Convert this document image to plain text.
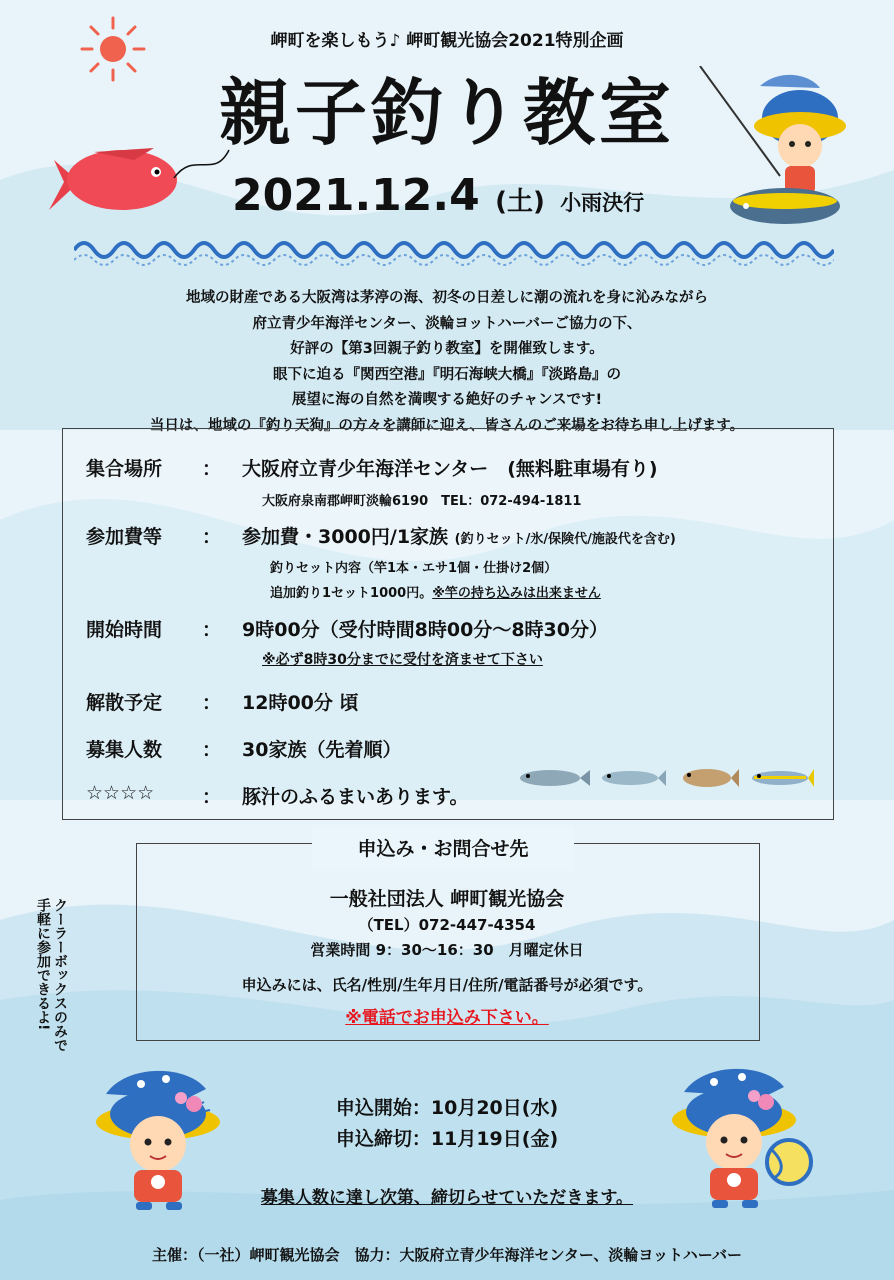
岬町を楽しもう♪ 岬町観光協会2021特別企画
親子釣り教室
2021.12.4 (土) 小雨決行
地域の財産である大阪湾は茅渟の海、初冬の日差しに潮の流れを身に沁みながら
府立青少年海洋センター、淡輪ヨットハーバーご協力の下、
好評の【第3回親子釣り教室】を開催致します。
眼下に迫る『関西空港』『明石海峡大橋』『淡路島』の
展望に海の自然を満喫する絶好のチャンスです!
当日は、地域の『釣り天狗』の方々を講師に迎え、皆さんのご来場をお待ち申し上げます。
集合場所 ： 大阪府立青少年海洋センター　(無料駐車場有り)
大阪府泉南郡岬町淡輪6190　TEL：072-494-1811
参加費等 ： 参加費・3000円/1家族 (釣りセット/氷/保険代/施設代を含む)
釣りセット内容（竿1本・エサ1個・仕掛け2個）
追加釣り1セット1000円。※竿の持ち込みは出来ません
開始時間 ： 9時00分（受付時間8時00分～8時30分）
※必ず8時30分までに受付を済ませて下さい
解散予定 ： 12時00分 頃
募集人数 ： 30家族（先着順）
☆☆☆☆	： 豚汁のふるまいあります。
申込み・お問合せ先
一般社団法人 岬町観光協会
（TEL）072-447-4354
営業時間 9：30～16：30　月曜定休日
申込みには、氏名/性別/生年月日/住所/電話番号が必須です。
※電話でお申込み下さい。
クーラーボックスのみで
手軽に参加できるよ!
申込開始：10月20日(水)
申込締切：11月19日(金)
募集人数に達し次第、締切らせていただきます。
主催：（一社）岬町観光協会　協力：大阪府立青少年海洋センター、淡輪ヨットハーバー
